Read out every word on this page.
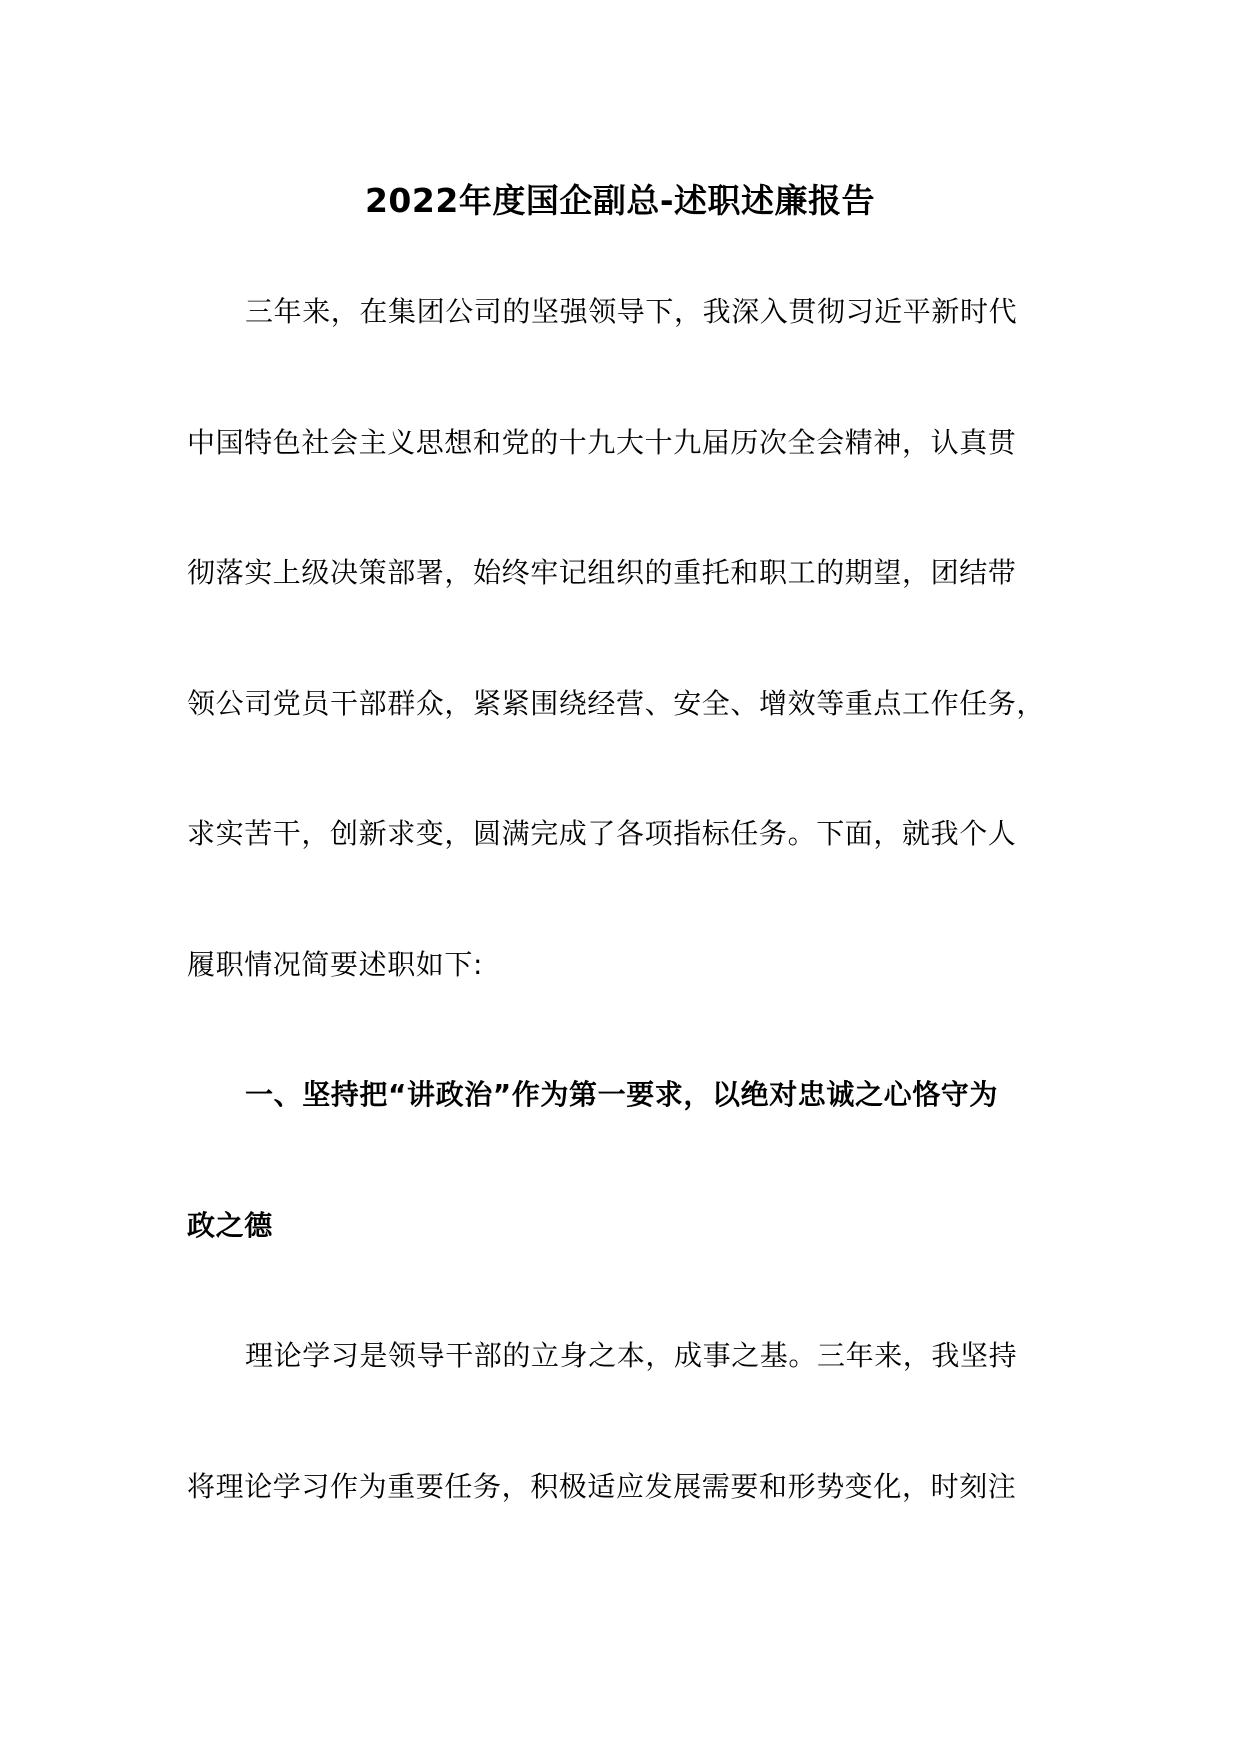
2022年度国企副总-述职述廉报告
三年来，在集团公司的坚强领导下，我深入贯彻习近平新时代
中国特色社会主义思想和党的十九大十九届历次全会精神，认真贯
彻落实上级决策部署，始终牢记组织的重托和职工的期望，团结带
领公司党员干部群众，紧紧围绕经营、安全、增效等重点工作任务，
求实苦干，创新求变，圆满完成了各项指标任务。下面，就我个人
履职情况简要述职如下:
一、坚持把“讲政治”作为第一要求，以绝对忠诚之心恪守为
政之德
理论学习是领导干部的立身之本，成事之基。三年来，我坚持
将理论学习作为重要任务，积极适应发展需要和形势变化，时刻注
